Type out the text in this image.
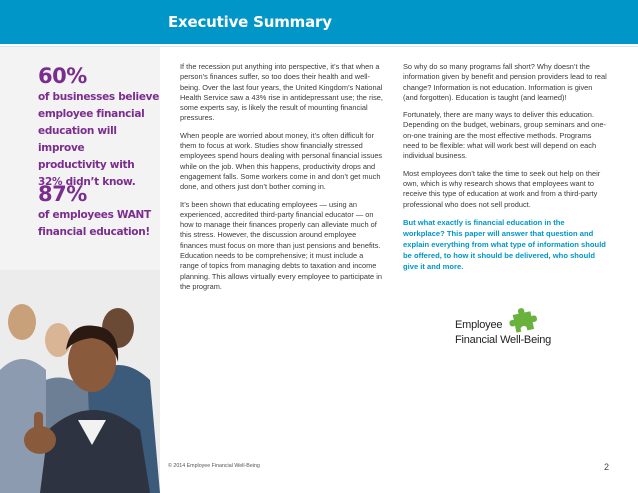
Executive Summary
60%
of businesses believe
employee financial
education will improve
productivity with
32% didn’t know.
87%
of employees WANT
financial education!

If the recession put anything into perspective, it’s that when a person’s finances suffer, so too does their health and well-being. Over the last four years, the United Kingdom’s National Health Service saw a 43% rise in antidepressant use; the rise, some experts say, is likely the result of mounting financial pressures.

When people are worried about money, it’s often difficult for them to focus at work. Studies show financially stressed employees spend hours dealing with personal financial issues while on the job. When this happens, productivity drops and engagement falls. Some workers come in and don’t get much done, and others just don’t bother coming in.

It’s been shown that educating employees — using an experienced, accredited third-party financial educator — on how to manage their finances properly can alleviate much of this stress. However, the discussion around employee finances must focus on more than just pensions and benefits. Education needs to be comprehensive; it must include a range of topics from managing debts to taxation and income planning. This allows virtually every employee to participate in the program.

So why do so many programs fall short? Why doesn’t the information given by benefit and pension providers lead to real change? Information is not education. Information is given (and forgotten). Education is taught (and learned)!

Fortunately, there are many ways to deliver this education. Depending on the budget, webinars, group seminars and one-on-one training are the most effective methods. Programs need to be flexible: what will work best will depend on each individual business.

Most employees don’t take the time to seek out help on their own, which is why research shows that employees want to receive this type of education at work and from a third-party professional who does not sell product.

But what exactly is financial education in the workplace? This paper will answer that question and explain everything from what type of information should be offered, to how it should be delivered, who should give it and more.

Employee
Financial Well-Being
© 2014 Employee Financial Well-Being	2
